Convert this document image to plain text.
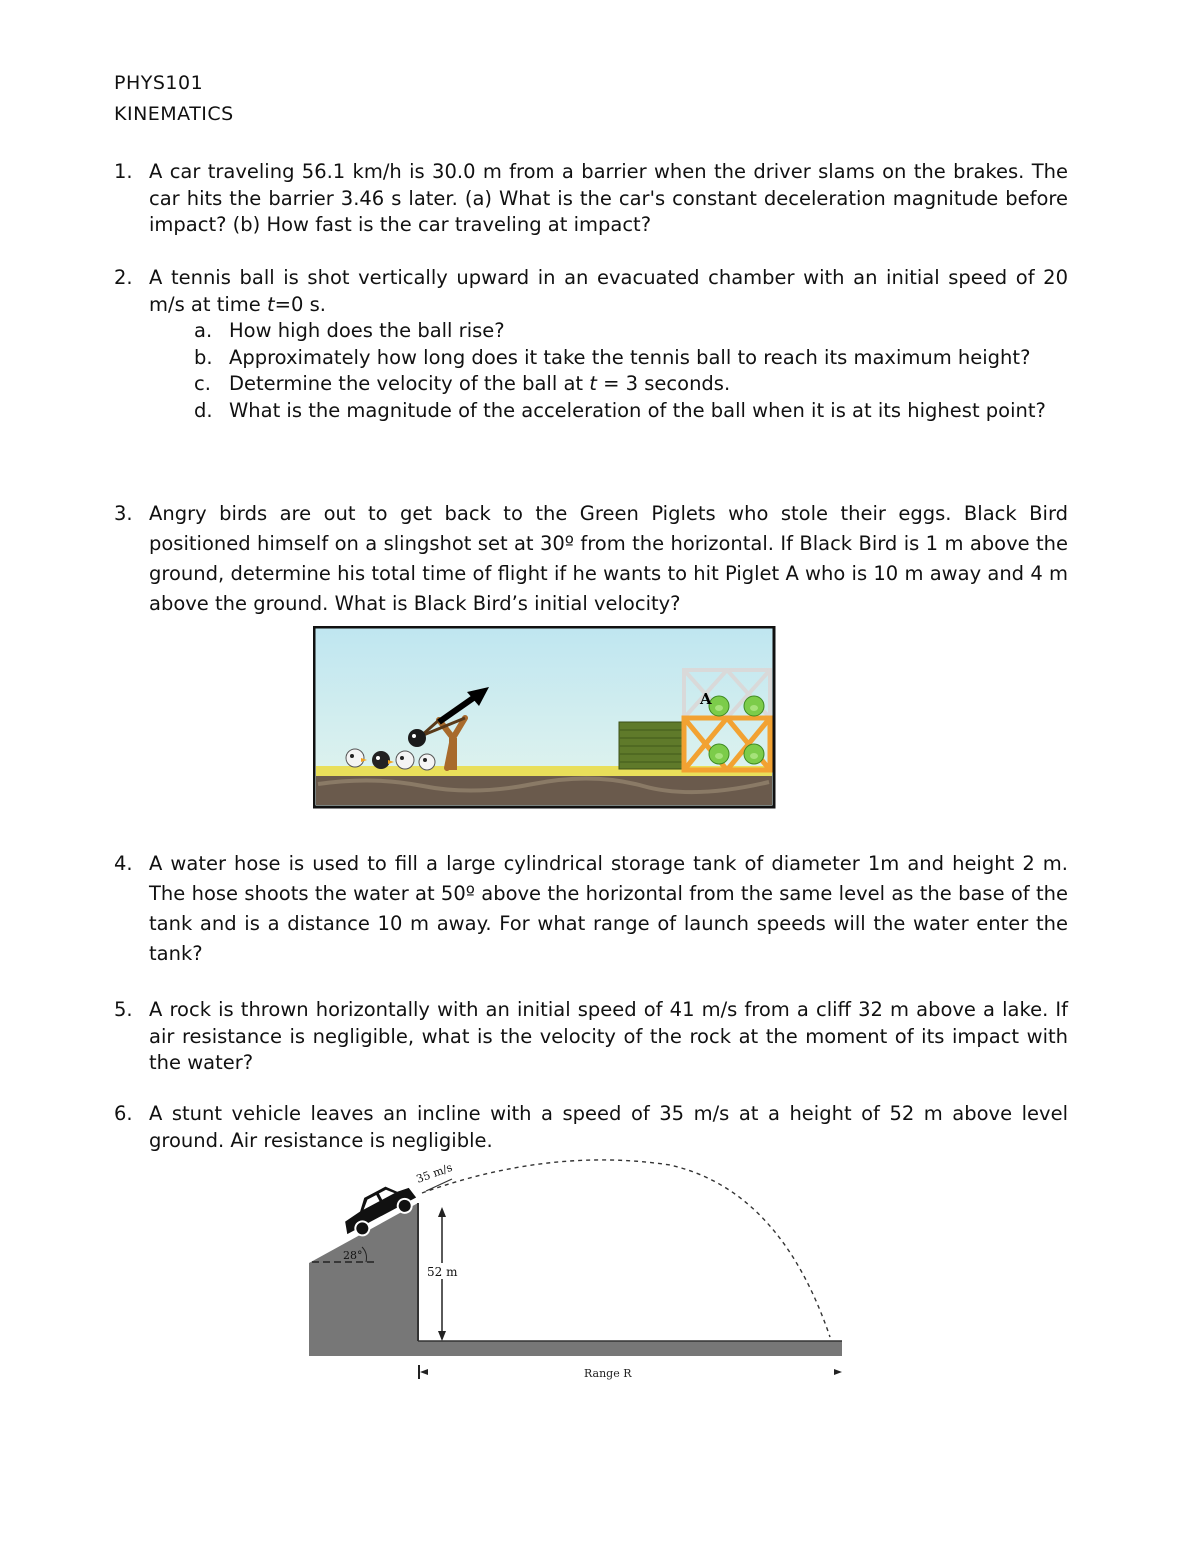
PHYS101
KINEMATICS
1. A car traveling 56.1 km/h is 30.0 m from a barrier when the driver slams on the brakes. The car hits the barrier 3.46 s later. (a) What is the car's constant deceleration magnitude before impact? (b) How fast is the car traveling at impact?
2. A tennis ball is shot vertically upward in an evacuated chamber with an initial speed of 20 m/s at time t=0 s.
a. How high does the ball rise?
b. Approximately how long does it take the tennis ball to reach its maximum height?
c. Determine the velocity of the ball at t = 3 seconds.
d. What is the magnitude of the acceleration of the ball when it is at its highest point?
3. Angry birds are out to get back to the Green Piglets who stole their eggs. Black Bird positioned himself on a slingshot set at 30º from the horizontal. If Black Bird is 1 m above the ground, determine his total time of flight if he wants to hit Piglet A who is 10 m away and 4 m above the ground. What is Black Bird’s initial velocity?
A
4. A water hose is used to fill a large cylindrical storage tank of diameter 1m and height 2 m. The hose shoots the water at 50º above the horizontal from the same level as the base of the tank and is a distance 10 m away. For what range of launch speeds will the water enter the tank?
5. A rock is thrown horizontally with an initial speed of 41 m/s from a cliff 32 m above a lake. If air resistance is negligible, what is the velocity of the rock at the moment of its impact with the water?
6. A stunt vehicle leaves an incline with a speed of 35 m/s at a height of 52 m above level ground. Air resistance is negligible.
28°
35 m/s
52 m
Range R
